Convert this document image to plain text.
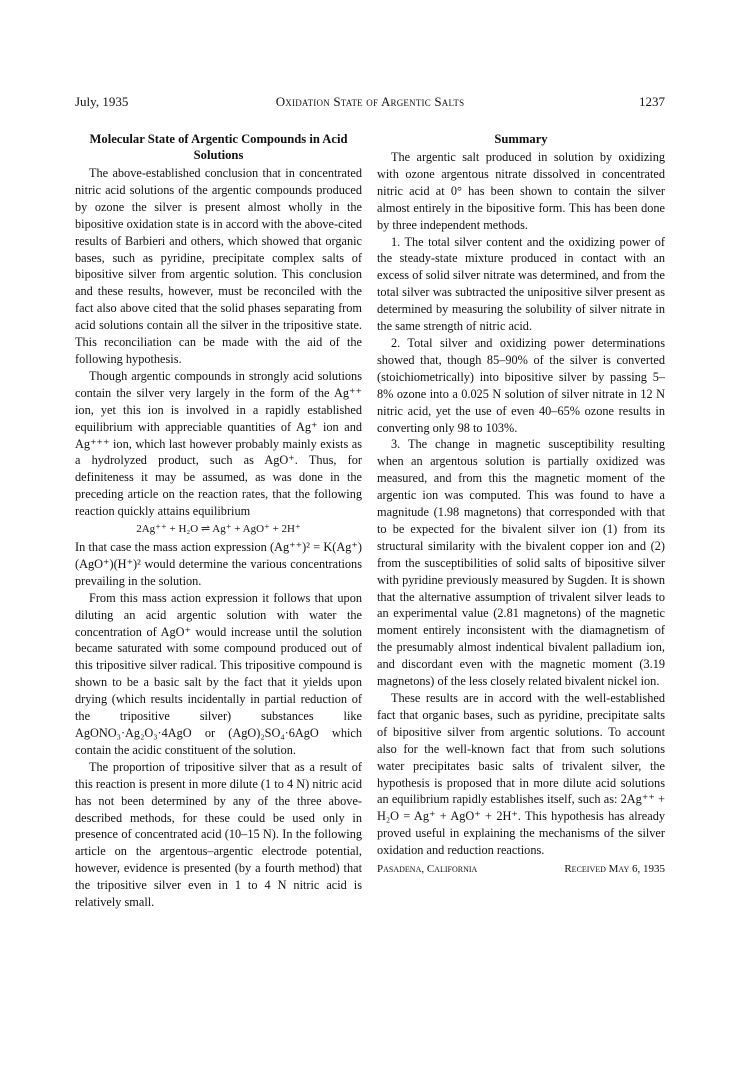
July, 1935	Oxidation State of Argentic Salts	1237
Molecular State of Argentic Compounds in Acid Solutions

The above-established conclusion that in concentrated nitric acid solutions of the argentic compounds produced by ozone the silver is present almost wholly in the bipositive oxidation state is in accord with the above-cited results of Barbieri and others, which showed that organic bases, such as pyridine, precipitate complex salts of bipositive silver from argentic solution. This conclusion and these results, however, must be reconciled with the fact also above cited that the solid phases separating from acid solutions contain all the silver in the tripositive state. This reconciliation can be made with the aid of the following hypothesis.

Though argentic compounds in strongly acid solutions contain the silver very largely in the form of the Ag⁺⁺ ion, yet this ion is involved in a rapidly established equilibrium with appreciable quantities of Ag⁺ ion and Ag⁺⁺⁺ ion, which last however probably mainly exists as a hydrolyzed product, such as AgO⁺. Thus, for definiteness it may be assumed, as was done in the preceding article on the reaction rates, that the following reaction quickly attains equilibrium

2Ag⁺⁺ + H₂O ⇌ Ag⁺ + AgO⁺ + 2H⁺

In that case the mass action expression (Ag⁺⁺)² = K(Ag⁺)(AgO⁺)(H⁺)² would determine the various concentrations prevailing in the solution.

From this mass action expression it follows that upon diluting an acid argentic solution with water the concentration of AgO⁺ would increase until the solution became saturated with some compound produced out of this tripositive silver radical. This tripositive compound is shown to be a basic salt by the fact that it yields upon drying (which results incidentally in partial reduction of the tripositive silver) substances like AgONO₃·Ag₂O₃·4AgO or (AgO)₂SO₄·6AgO which contain the acidic constituent of the solution.

The proportion of tripositive silver that as a result of this reaction is present in more dilute (1 to 4 N) nitric acid has not been determined by any of the three above-described methods, for these could be used only in presence of concentrated acid (10–15 N). In the following article on the argentous–argentic electrode potential, however, evidence is presented (by a fourth method) that the tripositive silver even in 1 to 4 N nitric acid is relatively small.

Summary

The argentic salt produced in solution by oxidizing with ozone argentous nitrate dissolved in concentrated nitric acid at 0° has been shown to contain the silver almost entirely in the bipositive form. This has been done by three independent methods.

1. The total silver content and the oxidizing power of the steady-state mixture produced in contact with an excess of solid silver nitrate was determined, and from the total silver was subtracted the unipositive silver present as determined by measuring the solubility of silver nitrate in the same strength of nitric acid.

2. Total silver and oxidizing power determinations showed that, though 85–90% of the silver is converted (stoichiometrically) into bipositive silver by passing 5–8% ozone into a 0.025 N solution of silver nitrate in 12 N nitric acid, yet the use of even 40–65% ozone results in converting only 98 to 103%.

3. The change in magnetic susceptibility resulting when an argentous solution is partially oxidized was measured, and from this the magnetic moment of the argentic ion was computed. This was found to have a magnitude (1.98 magnetons) that corresponded with that to be expected for the bivalent silver ion (1) from its structural similarity with the bivalent copper ion and (2) from the susceptibilities of solid salts of bipositive silver with pyridine previously measured by Sugden. It is shown that the alternative assumption of trivalent silver leads to an experimental value (2.81 magnetons) of the magnetic moment entirely inconsistent with the diamagnetism of the presumably almost indentical bivalent palladium ion, and discordant even with the magnetic moment (3.19 magnetons) of the less closely related bivalent nickel ion.

These results are in accord with the well-established fact that organic bases, such as pyridine, precipitate salts of bipositive silver from argentic solutions. To account also for the well-known fact that from such solutions water precipitates basic salts of trivalent silver, the hypothesis is proposed that in more dilute acid solutions an equilibrium rapidly establishes itself, such as: 2Ag⁺⁺ + H₂O = Ag⁺ + AgO⁺ + 2H⁺. This hypothesis has already proved useful in explaining the mechanisms of the silver oxidation and reduction reactions.

Pasadena, California	Received May 6, 1935
